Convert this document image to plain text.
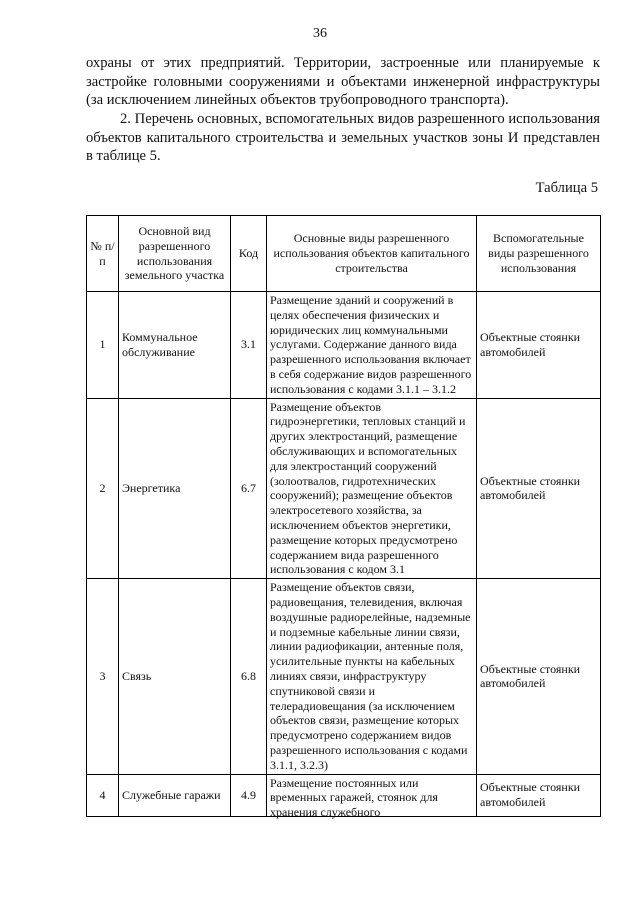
36
охраны от этих предприятий. Территории, застроенные или планируемые к застройке головными сооружениями и объектами инженерной инфраструктуры (за исключением линейных объектов трубопроводного транспорта).
2. Перечень основных, вспомогательных видов разрешенного использования объектов капитального строительства и земельных участков зоны И представлен в таблице 5.
Таблица 5
№ п/п	Основной вид разрешенного использования земельного участка	Код	Основные виды разрешенного использования объектов капитального строительства	Вспомогательные виды разрешенного использования
1	Коммунальное обслуживание	3.1	Размещение зданий и сооружений в целях обеспечения физических и юридических лиц коммунальными услугами. Содержание данного вида разрешенного использования включает в себя содержание видов разрешенного использования с кодами 3.1.1 – 3.1.2	Объектные стоянки автомобилей
2	Энергетика	6.7	Размещение объектов гидроэнергетики, тепловых станций и других электростанций, размещение обслуживающих и вспомогательных для электростанций сооружений (золоотвалов, гидротехнических сооружений); размещение объектов электросетевого хозяйства, за исключением объектов энергетики, размещение которых предусмотрено содержанием вида разрешенного использования с кодом 3.1	Объектные стоянки автомобилей
3	Связь	6.8	Размещение объектов связи, радиовещания, телевидения, включая воздушные радиорелейные, надземные и подземные кабельные линии связи, линии радиофикации, антенные поля, усилительные пункты на кабельных линиях связи, инфраструктуру спутниковой связи и телерадиовещания (за исключением объектов связи, размещение которых предусмотрено содержанием видов разрешенного использования с кодами 3.1.1, 3.2.3)	Объектные стоянки автомобилей
4	Служебные гаражи	4.9	Размещение постоянных или временных гаражей, стоянок для хранения служебного	Объектные стоянки автомобилей
